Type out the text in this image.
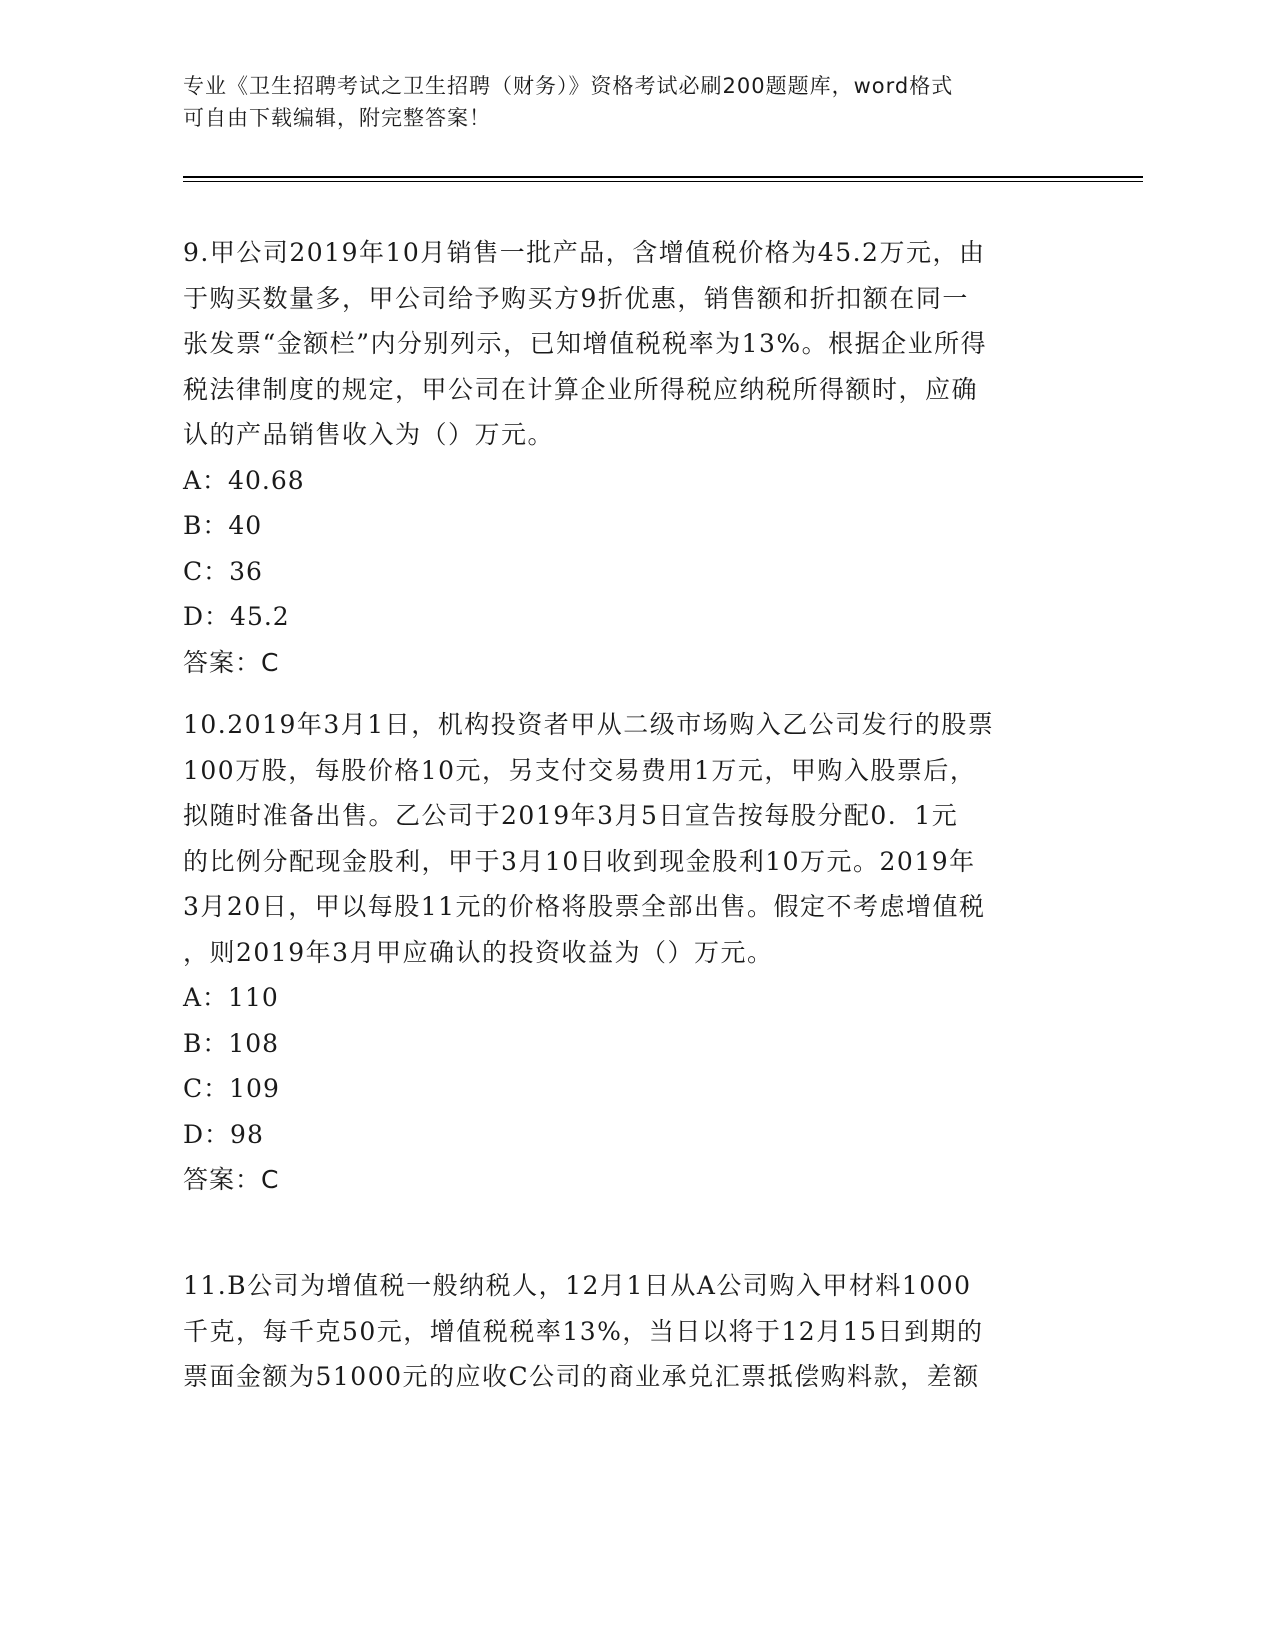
专业《卫生招聘考试之卫生招聘（财务）》资格考试必刷200题题库，word格式
可自由下载编辑，附完整答案！
9.甲公司2019年10月销售一批产品，含增值税价格为45.2万元，由
于购买数量多，甲公司给予购买方9折优惠，销售额和折扣额在同一
张发票“金额栏”内分别列示，已知增值税税率为13%。根据企业所得
税法律制度的规定，甲公司在计算企业所得税应纳税所得额时，应确
认的产品销售收入为（）万元。
A：40.68
B：40
C：36
D：45.2
答案：C
10.2019年3月1日，机构投资者甲从二级市场购入乙公司发行的股票
100万股，每股价格10元，另支付交易费用1万元，甲购入股票后，
拟随时准备出售。乙公司于2019年3月5日宣告按每股分配0．1元
的比例分配现金股利，甲于3月10日收到现金股利10万元。2019年
3月20日，甲以每股11元的价格将股票全部出售。假定不考虑增值税
，则2019年3月甲应确认的投资收益为（）万元。
A：110
B：108
C：109
D：98
答案：C
11.B公司为增值税一般纳税人，12月1日从A公司购入甲材料1000
千克，每千克50元，增值税税率13%，当日以将于12月15日到期的
票面金额为51000元的应收C公司的商业承兑汇票抵偿购料款，差额
